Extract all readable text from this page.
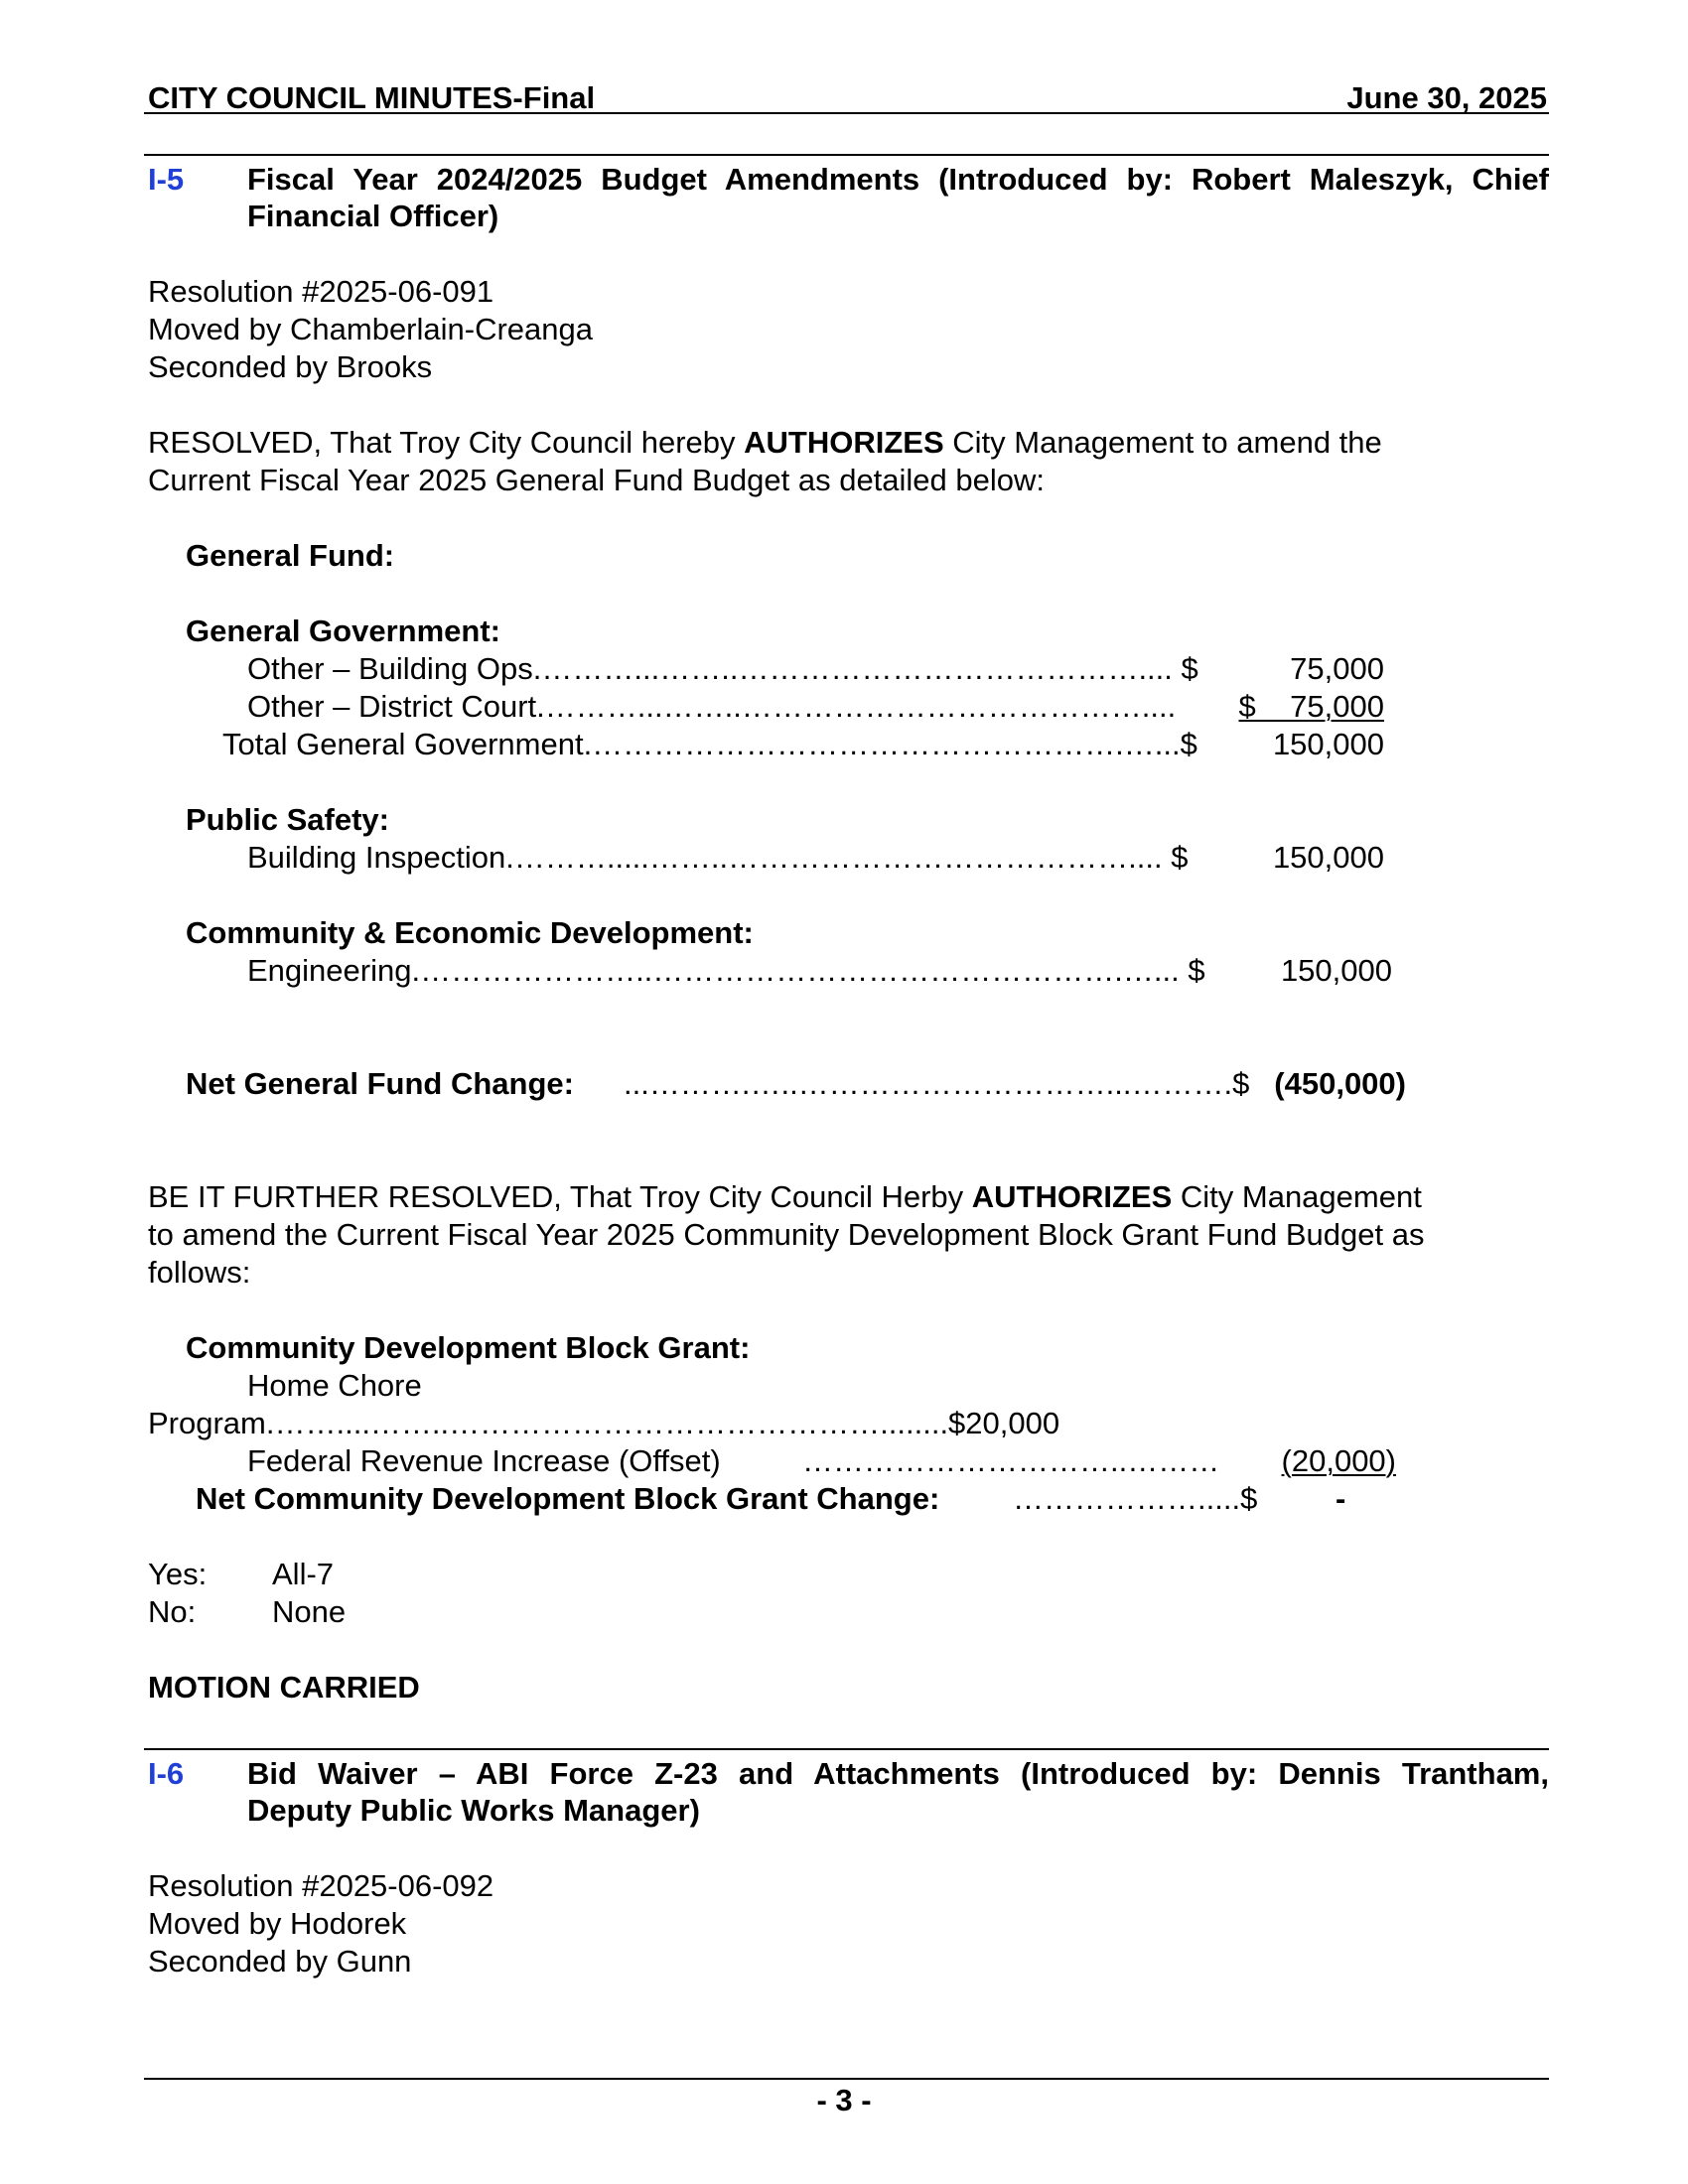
CITY COUNCIL MINUTES-Final	June 30, 2025
I-5 Fiscal Year 2024/2025 Budget Amendments (Introduced by: Robert Maleszyk, Chief
Financial Officer)
Resolution #2025-06-091
Moved by Chamberlain-Creanga
Seconded by Brooks
RESOLVED, That Troy City Council hereby AUTHORIZES City Management to amend the
Current Fiscal Year 2025 General Fund Budget as detailed below:
General Fund:
General Government:
Other – Building Ops.………...……..………………………………….... $	75,000
Other – District Court.………...……..………………………………….... $    75,000
Total General Government.…………………………………………….…...$ 150,000
Public Safety:
Building Inspection.……….....……..………………………………….... $	150,000
Community & Economic Development:
Engineering.…………………..……………………………………….…... $ 150,000
Net General Fund Change: ...……….…..…………………………...……….$ (450,000)
BE IT FURTHER RESOLVED, That Troy City Council Herby AUTHORIZES City Management
to amend the Current Fiscal Year 2025 Community Development Block Grant Fund Budget as
follows:
Community Development Block Grant:
Home Chore
Program.……....……..……………………………………........$20,000
Federal Revenue Increase (Offset)	…………………………..……… (20,000)
Net Community Development Block Grant Change: ……………….....$	-
Yes: All-7
No: None
MOTION CARRIED
I-6 Bid Waiver – ABI Force Z-23 and Attachments (Introduced by: Dennis Trantham,
Deputy Public Works Manager)
Resolution #2025-06-092
Moved by Hodorek
Seconded by Gunn
- 3 -
